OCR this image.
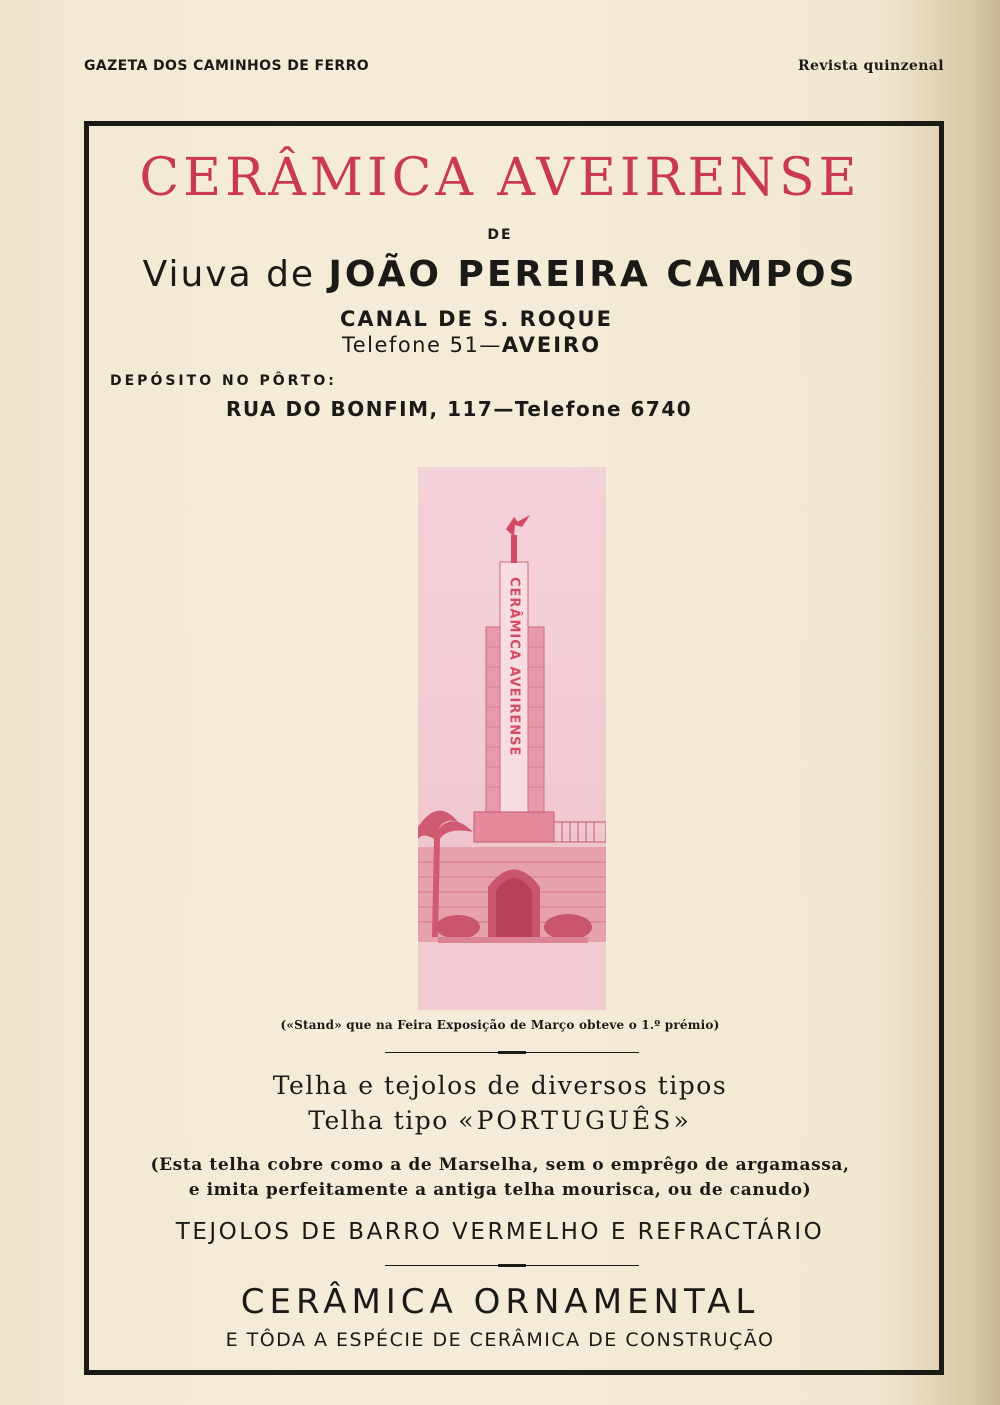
GAZETA DOS CAMINHOS DE FERRO	Revista quinzenal
CERÂMICA AVEIRENSE
DE
Viuva de JOÃO PEREIRA CAMPOS
CANAL DE S. ROQUE
Telefone 51—AVEIRO
DEPÓSITO NO PÔRTO:
RUA DO BONFIM, 117—Telefone 6740
CERÂMICA AVEIRENSE
(«Stand» que na Feira Exposição de Março obteve o 1.º prémio)
Telha e tejolos de diversos tipos
Telha tipo «PORTUGUÊS»
(Esta telha cobre como a de Marselha, sem o emprêgo de argamassa,
e imita perfeitamente a antiga telha mourisca, ou de canudo)
TEJOLOS DE BARRO VERMELHO E REFRACTÁRIO
CERÂMICA ORNAMENTAL
E TÔDA A ESPÉCIE DE CERÂMICA DE CONSTRUÇÃO
